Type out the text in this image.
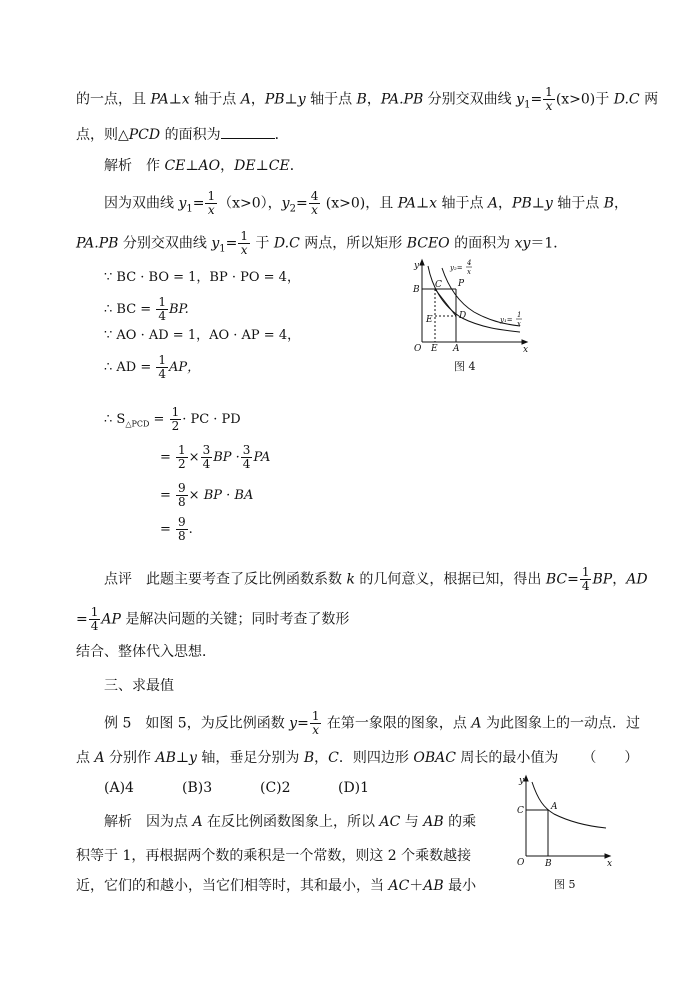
的一点，且 PA⊥x 轴于点 A，PB⊥y 轴于点 B，PA.PB 分别交双曲线 $y_1= \frac{1}{x} (x>0)$于 D.C 两
点，则△PCD 的面积为	．
解析　作 CE⊥AO，DE⊥CE．
因为双曲线 $y_1= \frac{1}{x} (x>0)$，$y_2= \frac{4}{x} (x>0)$，且 PA⊥x 轴于点 A，PB⊥y 轴于点 B，
PA.PB 分别交双曲线 $y_1= \frac{1}{x}$ 于 D.C 两点，所以矩形 BCEO 的面积为 xy＝1．
∵ BC · BO = 1，BP · PO = 4，
∴ BC = $\frac{1}{4}$ BP.
∵ AO · AD = 1，AO · AP = 4，
∴ AD = $\frac{1}{4}$ AP，
∴ $S_{\triangle PCD} = \frac{1}{2}$ · PC · PD
= $\frac{1}{2} \times \frac{3}{4}$ BP · $\frac{3}{4}$ PA
= $\frac{9}{8}$ × BP · BA
= $\frac{9}{8}$ .
y
x
O E A
B C P
D
E
y₂=
4
x
y₁=
1
x
图 4
点评　此题主要考查了反比例函数系数 k 的几何意义，根据已知，得出 $BC= \frac{1}{4}$ BP，AD
= $\frac{1}{4}$ AP 是解决问题的关键；同时考查了数形
结合、整体代入思想．
三、求最值
例 5　如图 5，为反比例函数 $y= \frac{1}{x}$ 在第一象限的图象，点 A 为此图象上的一动点．过
点 A 分别作 AB⊥y 轴，垂足分别为 B，C．则四边形 OBAC 周长的最小值为 （　　）
(A)4	(B)3	(C)2	(D)1
解析　因为点 A 在反比例函数图象上，所以 AC 与 AB 的乘
积等于 1，再根据两个数的乘积是一个常数，则这 2 个乘数越接
近，它们的和越小，当它们相等时，其和最小，当 AC＋AB 最小
y
x
O B
C	A
图 5
